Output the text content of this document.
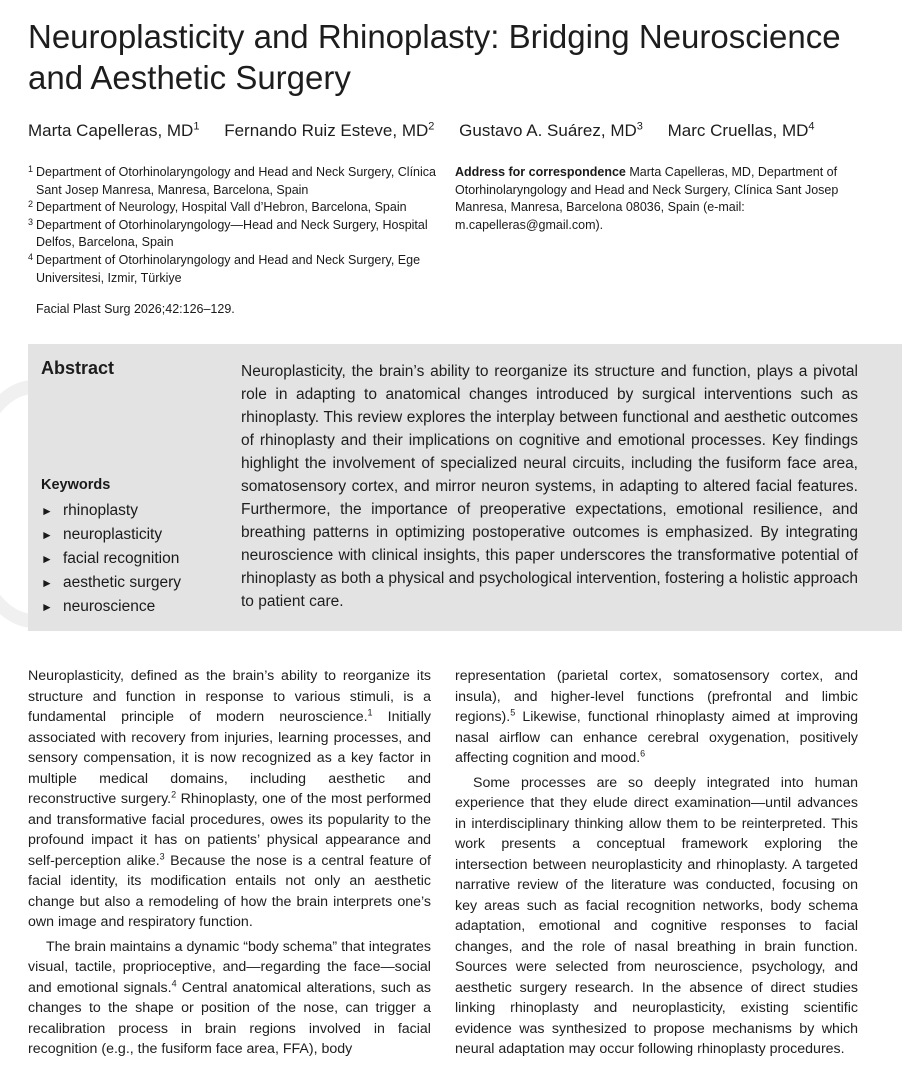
Neuroplasticity and Rhinoplasty: Bridging Neuroscience and Aesthetic Surgery
Marta Capelleras, $MD^1$ Fernando Ruiz Esteve, $MD^2$ Gustavo A. Suárez, $MD^3$ Marc Cruellas, $MD^4$
1 Department of Otorhinolaryngology and Head and Neck Surgery, Clínica Sant Josep Manresa, Manresa, Barcelona, Spain
2 Department of Neurology, Hospital Vall d’Hebron, Barcelona, Spain
3 Department of Otorhinolaryngology—Head and Neck Surgery, Hospital Delfos, Barcelona, Spain
4 Department of Otorhinolaryngology and Head and Neck Surgery, Ege Universitesi, Izmir, Türkiye
Address for correspondence Marta Capelleras, MD, Department of Otorhinolaryngology and Head and Neck Surgery, Clínica Sant Josep Manresa, Manresa, Barcelona 08036, Spain (e-mail: m.capelleras@gmail.com).
Facial Plast Surg 2026;42:126–129.
Abstract
Keywords
► rhinoplasty
► neuroplasticity
► facial recognition
► aesthetic surgery
► neuroscience
Neuroplasticity, the brain’s ability to reorganize its structure and function, plays a pivotal role in adapting to anatomical changes introduced by surgical interventions such as rhinoplasty. This review explores the interplay between functional and aesthetic outcomes of rhinoplasty and their implications on cognitive and emotional processes. Key findings highlight the involvement of specialized neural circuits, including the fusiform face area, somatosensory cortex, and mirror neuron systems, in adapting to altered facial features. Furthermore, the importance of preoperative expectations, emotional resilience, and breathing patterns in optimizing postoperative outcomes is emphasized. By integrating neuroscience with clinical insights, this paper underscores the transformative potential of rhinoplasty as both a physical and psychological intervention, fostering a holistic approach to patient care.

Neuroplasticity, defined as the brain’s ability to reorganize its structure and function in response to various stimuli, is a fundamental principle of modern neuroscience.$^1$ Initially associated with recovery from injuries, learning processes, and sensory compensation, it is now recognized as a key factor in multiple medical domains, including aesthetic and reconstructive surgery.$^2$ Rhinoplasty, one of the most performed and transformative facial procedures, owes its popularity to the profound impact it has on patients’ physical appearance and self-perception alike.$^3$ Because the nose is a central feature of facial identity, its modification entails not only an aesthetic change but also a remodeling of how the brain interprets one’s own image and respiratory function.

The brain maintains a dynamic “body schema” that integrates visual, tactile, proprioceptive, and—regarding the face—social and emotional signals.$^4$ Central anatomical alterations, such as changes to the shape or position of the nose, can trigger a recalibration process in brain regions involved in facial recognition (e.g., the fusiform face area, FFA), body

representation (parietal cortex, somatosensory cortex, and insula), and higher-level functions (prefrontal and limbic regions).$^5$ Likewise, functional rhinoplasty aimed at improving nasal airflow can enhance cerebral oxygenation, positively affecting cognition and mood.$^6$

Some processes are so deeply integrated into human experience that they elude direct examination—until advances in interdisciplinary thinking allow them to be reinterpreted. This work presents a conceptual framework exploring the intersection between neuroplasticity and rhinoplasty. A targeted narrative review of the literature was conducted, focusing on key areas such as facial recognition networks, body schema adaptation, emotional and cognitive responses to facial changes, and the role of nasal breathing in brain function. Sources were selected from neuroscience, psychology, and aesthetic surgery research. In the absence of direct studies linking rhinoplasty and neuroplasticity, existing scientific evidence was synthesized to propose mechanisms by which neural adaptation may occur following rhinoplasty procedures.
